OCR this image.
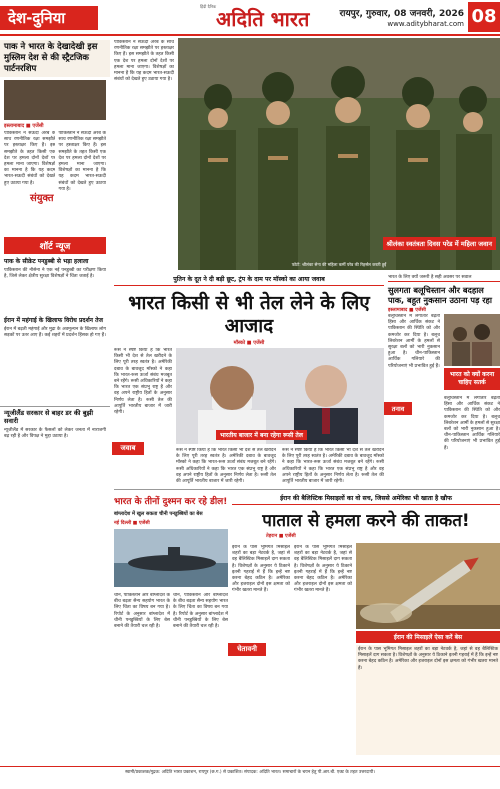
देश-दुनिया
हिंदी दैनिक
अदिति भारत	रायपुर, गुरुवार, 08 जनवरी, 2026
www.aditybharat.com 08
पाक ने भारत के देखादेखी इस मुस्लिम देश से की स्ट्रैटजिक पार्टनरशिप
इस्लामाबाद ■ एजेंसी
पाकिस्तान ने सऊदी अरब के साथ रणनीतिक रक्षा समझौते पर हस्ताक्षर किए हैं। इस समझौते के तहत किसी एक देश पर हमला दोनों देशों पर हमला माना जाएगा। विशेषज्ञों का मानना है कि यह कदम भारत-सऊदी संबंधों को देखते हुए उठाया गया है।
पाकिस्तान ने सऊदी अरब के साथ रणनीतिक रक्षा समझौते पर हस्ताक्षर किए हैं। इस समझौते के तहत किसी एक देश पर हमला दोनों देशों पर हमला माना जाएगा। विशेषज्ञों का मानना है कि यह कदम भारत-सऊदी संबंधों को देखते हुए उठाया गया है।
संयुक्त
शॉर्ट न्यूज
पाक के सीक्रेट पनडुब्बी से भड़ा हलाला
पाकिस्तान की नौसेना ने एक नई पनडुब्बी का परीक्षण किया है, जिसे लेकर क्षेत्रीय सुरक्षा विशेषज्ञों ने चिंता जताई है।
ईरान में महंगाई के खिलाफ विरोध प्रदर्शन तेज
ईरान में बढ़ती महंगाई और मुद्रा के अवमूल्यन के खिलाफ लोग सड़कों पर उतर आए हैं। कई शहरों में प्रदर्शन हिंसक हो गए हैं।
न्यूजीलैंड सरकार से बाहर डर की बुझी सवारी
न्यूजीलैंड में सरकार के फैसलों को लेकर जनता में नाराजगी बढ़ रही है और विपक्ष ने मुद्दा उठाया है।
पाकिस्तान ने सऊदी अरब के साथ रणनीतिक रक्षा समझौते पर हस्ताक्षर किए हैं। इस समझौते के तहत किसी एक देश पर हमला दोनों देशों पर हमला माना जाएगा। विशेषज्ञों का मानना है कि यह कदम भारत-सऊदी संबंधों को देखते हुए उठाया गया है।
श्रीलंका स्वतंत्रता दिवस परेड में महिला जवान
फोटो: श्रीलंका सेना की महिला कर्मी परेड की रिहर्सल करती हुईं
पुतिन के दूत ने दी बड़ी छूट, ट्रंप के दाम पर मॉस्को का आया जवाब
भारत किसी से भी तेल लेने के लिए आजाद
मॉस्को ■ एजेंसी
रूस ने स्पष्ट किया है कि भारत किसी भी देश से तेल खरीदने के लिए पूरी तरह स्वतंत्र है। अमेरिकी दबाव के बावजूद मॉस्को ने कहा कि भारत-रूस ऊर्जा संबंध मजबूत बने रहेंगे। रूसी अधिकारियों ने कहा कि भारत एक संप्रभु राष्ट्र है और वह अपने राष्ट्रीय हितों के अनुसार निर्णय लेता है। रूसी तेल की आपूर्ति भारतीय बाजार में जारी रहेगी।
जवाब
भारतीय बाजार में बना रहेगा रूसी तेल
रूस ने स्पष्ट किया है कि भारत किसी भी देश से तेल खरीदने के लिए पूरी तरह स्वतंत्र है। अमेरिकी दबाव के बावजूद मॉस्को ने कहा कि भारत-रूस ऊर्जा संबंध मजबूत बने रहेंगे। रूसी अधिकारियों ने कहा कि भारत एक संप्रभु राष्ट्र है और वह अपने राष्ट्रीय हितों के अनुसार निर्णय लेता है। रूसी तेल की आपूर्ति भारतीय बाजार में जारी रहेगी।
रूस ने स्पष्ट किया है कि भारत किसी भी देश से तेल खरीदने के लिए पूरी तरह स्वतंत्र है। अमेरिकी दबाव के बावजूद मॉस्को ने कहा कि भारत-रूस ऊर्जा संबंध मजबूत बने रहेंगे। रूसी अधिकारियों ने कहा कि भारत एक संप्रभु राष्ट्र है और वह अपने राष्ट्रीय हितों के अनुसार निर्णय लेता है। रूसी तेल की आपूर्ति भारतीय बाजार में जारी रहेगी।
भारत के लिए क्यों जरूरी है सही अवसर पर सवाल
सुलगता बलूचिस्तान और बदहाल पाक, बहुत नुकसान उठाना पड़ रहा
इस्लामाबाद ■ एजेंसी
बलूचिस्तान में लगातार बढ़ती हिंसा और आर्थिक संकट ने पाकिस्तान की स्थिति को और कमजोर कर दिया है। बलूच लिबरेशन आर्मी के हमलों से सुरक्षा बलों को भारी नुकसान हुआ है। चीन-पाकिस्तान आर्थिक गलियारे की परियोजनाएं भी प्रभावित हुई हैं।
तनाव
भारत को क्यों करना चाहिए सतर्क
बलूचिस्तान में लगातार बढ़ती हिंसा और आर्थिक संकट ने पाकिस्तान की स्थिति को और कमजोर कर दिया है। बलूच लिबरेशन आर्मी के हमलों से सुरक्षा बलों को भारी नुकसान हुआ है। चीन-पाकिस्तान आर्थिक गलियारे की परियोजनाएं भी प्रभावित हुई हैं।
भारत के तीनों दुश्मन कर रहे डील!
बांग्लादेश में खुल सकता चीनी पनडुब्बियों का बेस
नई दिल्ली ■ एजेंसी
चीन, पाकिस्तान और बांग्लादेश के बीच बढ़ता सैन्य सहयोग भारत के लिए चिंता का विषय बन गया है। रिपोर्ट के अनुसार बांग्लादेश में चीनी पनडुब्बियों के लिए बेस बनाने की तैयारी चल रही है।
चीन, पाकिस्तान और बांग्लादेश के बीच बढ़ता सैन्य सहयोग भारत के लिए चिंता का विषय बन गया है। रिपोर्ट के अनुसार बांग्लादेश में चीनी पनडुब्बियों के लिए बेस बनाने की तैयारी चल रही है।
ईरान की बैलिस्टिक मिसाइलों का वो सच, जिससे अमेरिका भी खाता है खौफ
पाताल से हमला करने की ताकत!
तेहरान ■ एजेंसी
ईरान के पास भूमिगत मिसाइल शहरों का बड़ा नेटवर्क है, जहां से वह बैलिस्टिक मिसाइलें दाग सकता है। विशेषज्ञों के अनुसार ये ठिकाने इतनी गहराई में हैं कि इन्हें नष्ट करना बेहद कठिन है। अमेरिका और इजराइल दोनों इस क्षमता को गंभीर खतरा मानते हैं।
चेतावनी
ईरान के पास भूमिगत मिसाइल शहरों का बड़ा नेटवर्क है, जहां से वह बैलिस्टिक मिसाइलें दाग सकता है। विशेषज्ञों के अनुसार ये ठिकाने इतनी गहराई में हैं कि इन्हें नष्ट करना बेहद कठिन है। अमेरिका और इजराइल दोनों इस क्षमता को गंभीर खतरा मानते हैं।
ईरान की मिसाइलें ऐसा करें बेस
ईरान के पास भूमिगत मिसाइल शहरों का बड़ा नेटवर्क है, जहां से वह बैलिस्टिक मिसाइलें दाग सकता है। विशेषज्ञों के अनुसार ये ठिकाने इतनी गहराई में हैं कि इन्हें नष्ट करना बेहद कठिन है। अमेरिका और इजराइल दोनों इस क्षमता को गंभीर खतरा मानते हैं।
स्वामी/प्रकाशक/मुद्रक: अदिति भारत प्रकाशन, रायपुर (छ.ग.) से प्रकाशित। संपादक: अदिति भारत। समाचारों के चयन हेतु पी.आर.बी. एक्ट के तहत उत्तरदायी।
